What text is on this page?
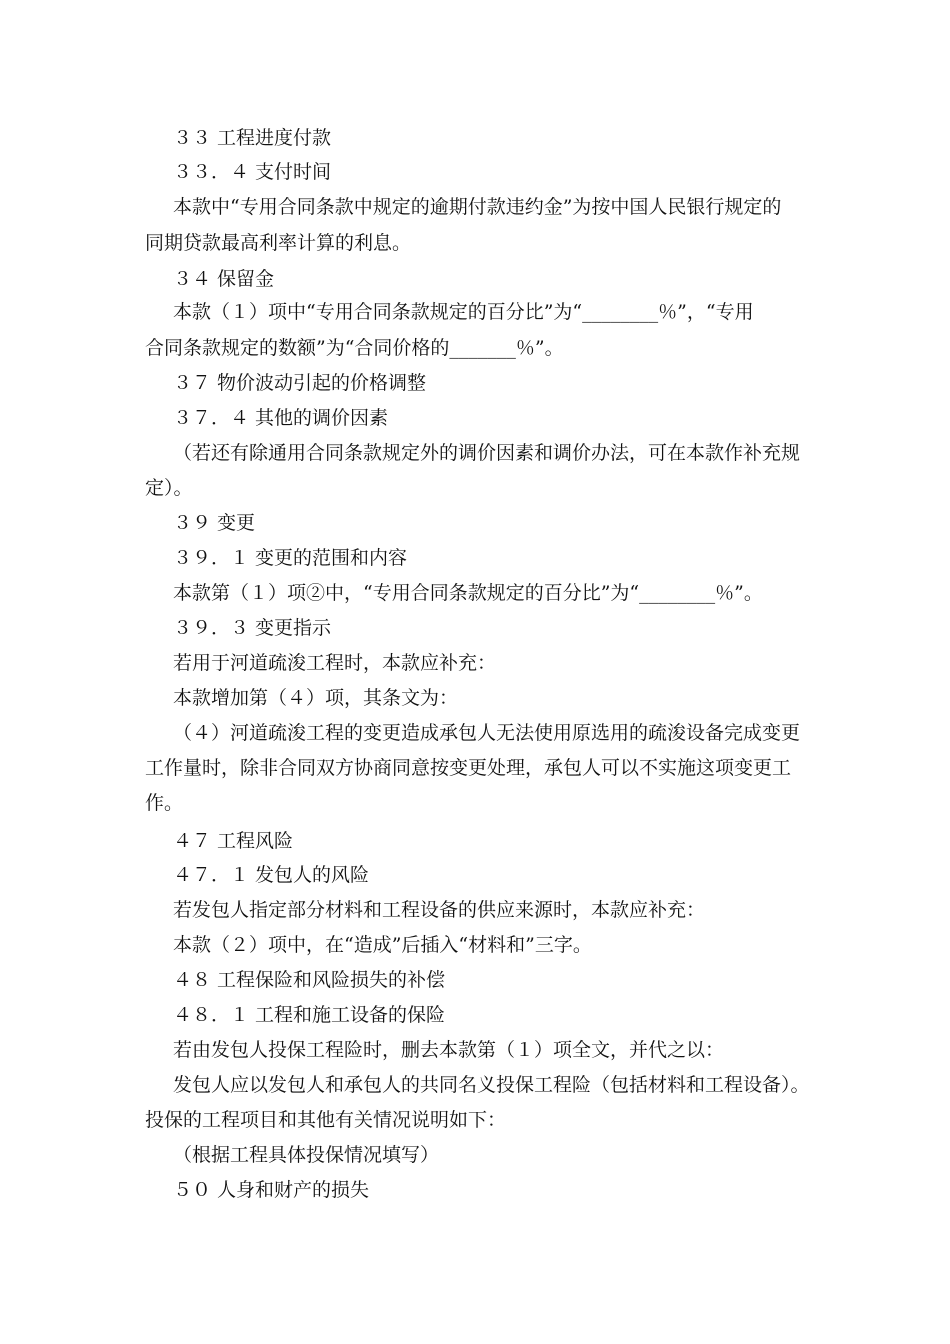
３３ 工程进度付款
３３．４ 支付时间
本款中“专用合同条款中规定的逾期付款违约金”为按中国人民银行规定的
同期贷款最高利率计算的利息。
３４ 保留金
本款（１）项中“专用合同条款规定的百分比”为“________％”，“专用
合同条款规定的数额”为“合同价格的_______％”。
３７ 物价波动引起的价格调整
３７．４ 其他的调价因素
（若还有除通用合同条款规定外的调价因素和调价办法，可在本款作补充规
定）。
３９ 变更
３９．１ 变更的范围和内容
本款第（１）项②中，“专用合同条款规定的百分比”为“________％”。
３９．３ 变更指示
若用于河道疏浚工程时，本款应补充：
本款增加第（４）项，其条文为：
（４）河道疏浚工程的变更造成承包人无法使用原选用的疏浚设备完成变更
工作量时，除非合同双方协商同意按变更处理，承包人可以不实施这项变更工
作。
４７ 工程风险
４７．１ 发包人的风险
若发包人指定部分材料和工程设备的供应来源时，本款应补充：
本款（２）项中，在“造成”后插入“材料和”三字。
４８ 工程保险和风险损失的补偿
４８．１ 工程和施工设备的保险
若由发包人投保工程险时，删去本款第（１）项全文，并代之以：
发包人应以发包人和承包人的共同名义投保工程险（包括材料和工程设备）。
投保的工程项目和其他有关情况说明如下：
（根据工程具体投保情况填写）
５０ 人身和财产的损失
